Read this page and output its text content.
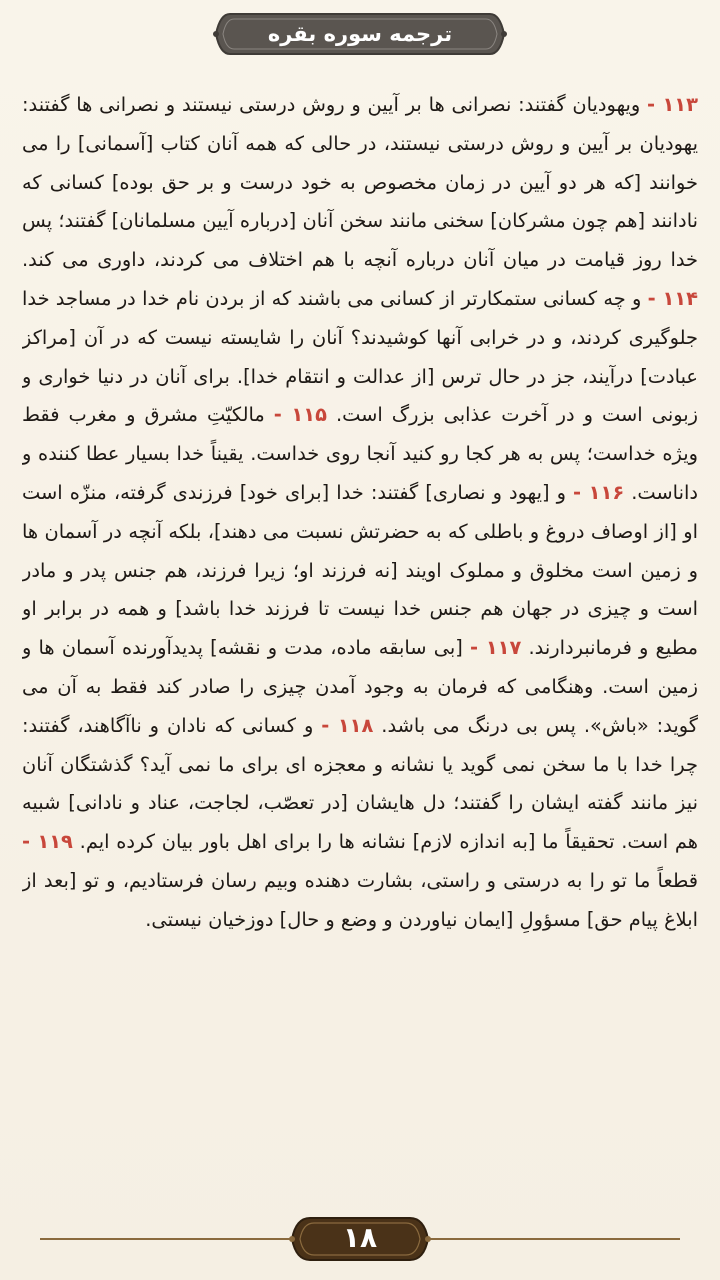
ترجمه سوره بقره

۱۱۳ - ویهودیان گفتند: نصرانی ها بر آیین و روش درستی نیستند و نصرانی ها گفتند: یهودیان بر آیین و روش درستی نیستند، در حالی که همه آنان کتاب [آسمانی] را می خوانند [که هر دو آیین در زمان مخصوص به خود درست و بر حق بوده] کسانی که نادانند [هم چون مشرکان] سخنی مانند سخن آنان [درباره آیین مسلمانان] گفتند؛ پس خدا روز قیامت در میان آنان درباره آنچه با هم اختلاف می کردند، داوری می کند. ۱۱۴ - و چه کسانی ستمکارتر از کسانی می باشند که از بردن نام خدا در مساجد خدا جلوگیری کردند، و در خرابی آنها کوشیدند؟ آنان را شایسته نیست که در آن [مراکز عبادت] درآیند، جز در حال ترس [از عدالت و انتقام خدا]. برای آنان در دنیا خواری و زبونی است و در آخرت عذابی بزرگ است. ۱۱۵ - مالکیّتِ مشرق و مغرب فقط ویژه خداست؛ پس به هر کجا رو کنید آنجا روی خداست. یقیناً خدا بسیار عطا کننده و داناست. ۱۱۶ - و [یهود و نصاری] گفتند: خدا [برای خود] فرزندی گرفته، منزّه است او [از اوصاف دروغ و باطلی که به حضرتش نسبت می دهند]، بلکه آنچه در آسمان ها و زمین است مخلوق و مملوک اویند [نه فرزند او؛ زیرا فرزند، هم جنس پدر و مادر است و چیزی در جهان هم جنس خدا نیست تا فرزند خدا باشد] و همه در برابر او مطیع و فرمانبردارند. ۱۱۷ - [بی سابقه ماده، مدت و نقشه] پدیدآورنده آسمان ها و زمین است. وهنگامی که فرمان به وجود آمدن چیزی را صادر کند فقط به آن می گوید: «باش». پس بی درنگ می باشد. ۱۱۸ - و کسانی که نادان و ناآگاهند، گفتند: چرا خدا با ما سخن نمی گوید یا نشانه و معجزه ای برای ما نمی آید؟ گذشتگان آنان نیز مانند گفته ایشان را گفتند؛ دل هایشان [در تعصّب، لجاجت، عناد و نادانی] شبیه هم است. تحقیقاً ما [به اندازه لازم] نشانه ها را برای اهل باور بیان کرده ایم. ۱۱۹ - قطعاً ما تو را به درستی و راستی، بشارت دهنده وبیم رسان فرستادیم، و تو [بعد از ابلاغ پیام حق] مسؤولِ [ایمان نیاوردن و وضع و حال] دوزخیان نیستی.

۱۸
